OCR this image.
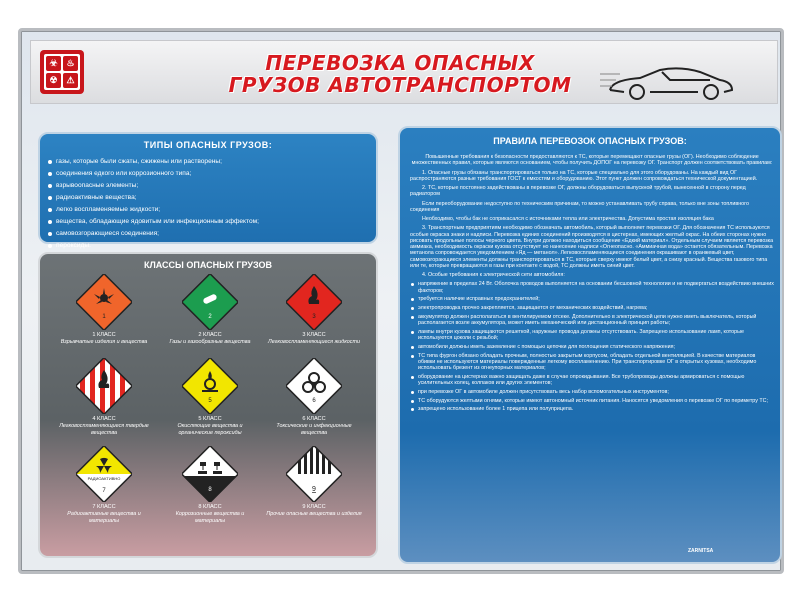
☣ ♨
☢ ⚠
ПЕРЕВОЗКА ОПАСНЫХ
ГРУЗОВ АВТОТРАНСПОРТОМ
ТИПЫ ОПАСНЫХ ГРУЗОВ:
газы, которые были сжаты, сжижены или растворены;
соединения едкого или коррозионного типа;
взрывоопасные элементы;
радиоактивные вещества;
легко воспламеняемые жидкости;
вещества, обладающие ядовитым или инфекционным эффектом;
самовозгорающиеся соединения;
пероксиды.
КЛАССЫ ОПАСНЫХ ГРУЗОВ
1
1 КЛАСС
Взрывчатые изделия и вещества
2
2 КЛАСС
Газы и газообразные вещества
3
3 КЛАСС
Легковоспламеняющиеся жидкости
4 КЛАСС
Легковоспламеняющиеся твердые вещества
5
5 КЛАСС
Окисляющие вещества и органические пероксиды
6
6 КЛАСС
Токсические и инфекционные вещества
РАДИОАКТИВНО
7
7 КЛАСС
Радиоактивные вещества и материалы
8
8 КЛАСС
Коррозионные вещества и материалы
9
9 КЛАСС
Прочие опасные вещества и изделия
ПРАВИЛА ПЕРЕВОЗОК ОПАСНЫХ ГРУЗОВ:

Повышенные требования к безопасности предоставляются к ТС, которые перемещают опасные грузы (ОГ). Необходимо соблюдение множественных правил, которые являются основанием, чтобы получить ДОПОГ на перевозку ОГ. Транспорт должен соответствовать правилам:

1. Опасные грузы обязаны транспортироваться только на ТС, которые специально для этого оборудованы. На каждый вид ОГ распространяются разные требования ГОСТ к емкостям и оборудованию. Этот пункт должен сопровождаться технической документацией.

2. ТС, которые постоянно задействованы в перевозке ОГ, должны оборудоваться выпускной трубой, вынесенной в сторону перед радиатором

Если переоборудование недоступно по техническим причинам, то можно устанавливать трубу справа, только вне зоны топливного соединения

Необходимо, чтобы бак не соприкасался с источниками тепла или электричества. Допустима простая изоляция бака

3. Транспортным предприятиям необходимо обозначать автомобиль, который выполняет перевозки ОГ. Для обозначения ТС используются особые окраска знаки и надписи. Перевозка единих соединений производятся в цистернах, имеющих желтый окрас. На обеих сторонах нужно рисовать продольные полосы черного цвета. Внутри должно находиться сообщение «Едкий материал». Отдельным случаем является перевозка аммиака, необходимость окраски кузова отсутствует но нанесение надписи «Огнеопасно. «Аммиачная вода» остается обязательным. Перевозка метанола сопровождается уведомлением «Яд — метанол». Легковоспламеняющиеся соединения окрашивают в оранжевый цвет, самовозгорающиеся элементы должны транспортироваться в ТС, которые сверху имеют белый цвет, а снизу красный. Вещества газового типа или те, которые превращаются в газы при контакте с водой, ТС должны иметь синий цвет.

4. Особые требования к электрической сети автомобиля:

напряжение в пределах 24 Вт. Оболочка проводов выполняется на основании бесшовной технологии и не подвергаться воздействию внешних факторов;
требуется наличие исправных предохранителей;
электропроводка прочно закрепляется, защищается от механических воздействий, нагрева;
аккумулятор должен располагаться в вентилируемом отсеке. Дополнительно в электрической цепи нужно иметь выключатель, который располагается возле аккумулятора, может иметь механический или дистанционный принцип работы;
лампы внутри кузова защищаются решеткой, наружные провода должны отсутствовать. Запрещено использование ламп, которые используются цоколи с резьбой;
автомобили должны иметь заземление с помощью цепочки для поглощения статического напряжения;
ТС типа фургон обязано обладать прочным, полностью закрытым корпусом, обладать отдельной вентиляцией. В качестве материалов обивки не используются материалы повержденные легкому воспламенению. При транспортировке ОГ в открытых кузовах, необходимо использовать брезент из огнеупорных материалов;
оборудование на цистернах важно защищать даже в случае опрокидывания. Все трубопроводы должны армироваться с помощью усилительных колец, колпаков или других элементов;
при перевозке ОГ в автомобиле должен присутствовать весь набор вспомогательных инструментов;
ТС оборудуются желтыми огнями, которые имеют автономный источник питания. Наносятся уведомления о перевозке ОГ по периметру ТС;
запрещено использование более 1 прицепа или полуприцепа.
ZARNITSA
